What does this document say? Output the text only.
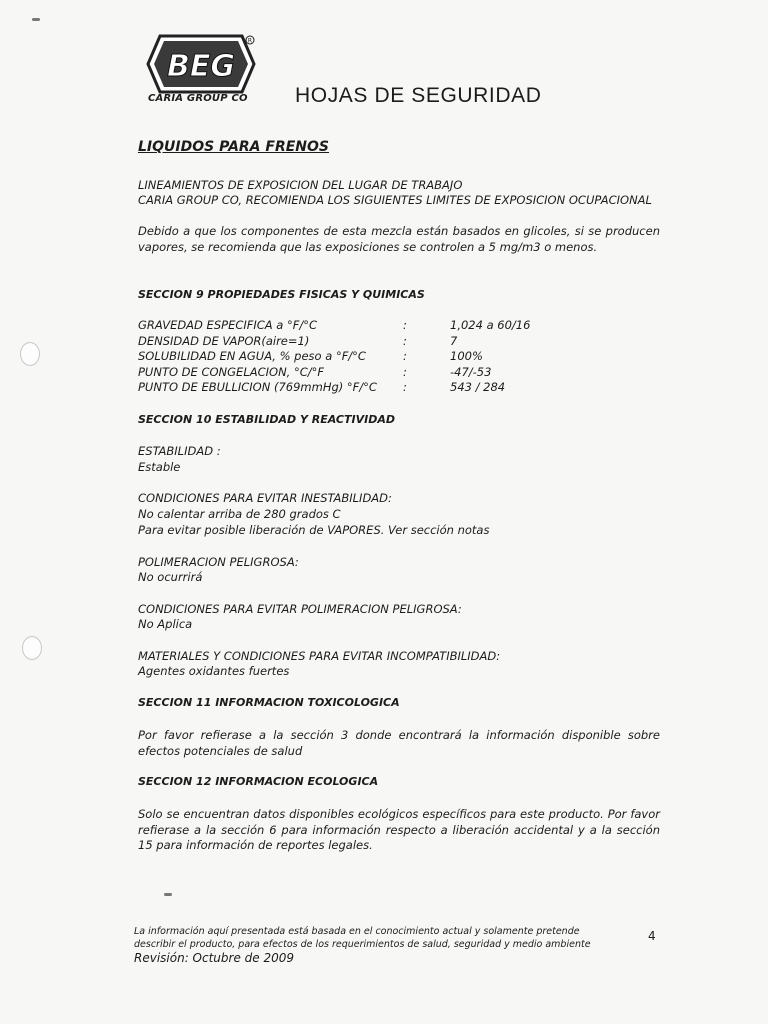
BEG
R
CARIA GROUP CO HOJAS DE SEGURIDAD
LIQUIDOS PARA FRENOS
LINEAMIENTOS DE EXPOSICION DEL LUGAR DE TRABAJO
CARIA GROUP CO, RECOMIENDA LOS SIGUIENTES LIMITES DE EXPOSICION OCUPACIONAL
Debido a que los componentes de esta mezcla están basados en glicoles, si se producen vapores, se recomienda que las exposiciones se controlen a 5 mg/m3 o menos.
SECCION 9 PROPIEDADES FISICAS Y QUIMICAS
GRAVEDAD ESPECIFICA a °F/°C	:	1,024 a 60/16
DENSIDAD DE VAPOR(aire=1)	:	7
SOLUBILIDAD EN AGUA, % peso a °F/°C	:	100%
PUNTO DE CONGELACION, °C/°F	:	-47/-53
PUNTO DE EBULLICION (769mmHg) °F/°C :	543 / 284
SECCION 10 ESTABILIDAD Y REACTIVIDAD
ESTABILIDAD :
Estable
CONDICIONES PARA EVITAR INESTABILIDAD:
No calentar arriba de 280 grados C
Para evitar posible liberación de VAPORES. Ver sección notas
POLIMERACION PELIGROSA:
No ocurrirá
CONDICIONES PARA EVITAR POLIMERACION PELIGROSA:
No Aplica
MATERIALES Y CONDICIONES PARA EVITAR INCOMPATIBILIDAD:
Agentes oxidantes fuertes
SECCION 11 INFORMACION TOXICOLOGICA
Por favor refierase a la sección 3 donde encontrará la información disponible sobre efectos potenciales de salud
SECCION 12 INFORMACION ECOLOGICA
Solo se encuentran datos disponibles ecológicos específicos para este producto. Por favor refierase a la sección 6 para información respecto a liberación accidental y a la sección 15 para información de reportes legales.
La información aquí presentada está basada en el conocimiento actual y solamente pretende describir el producto, para efectos de los requerimientos de salud, seguridad y medio ambiente
Revisión: Octubre de 2009
4
